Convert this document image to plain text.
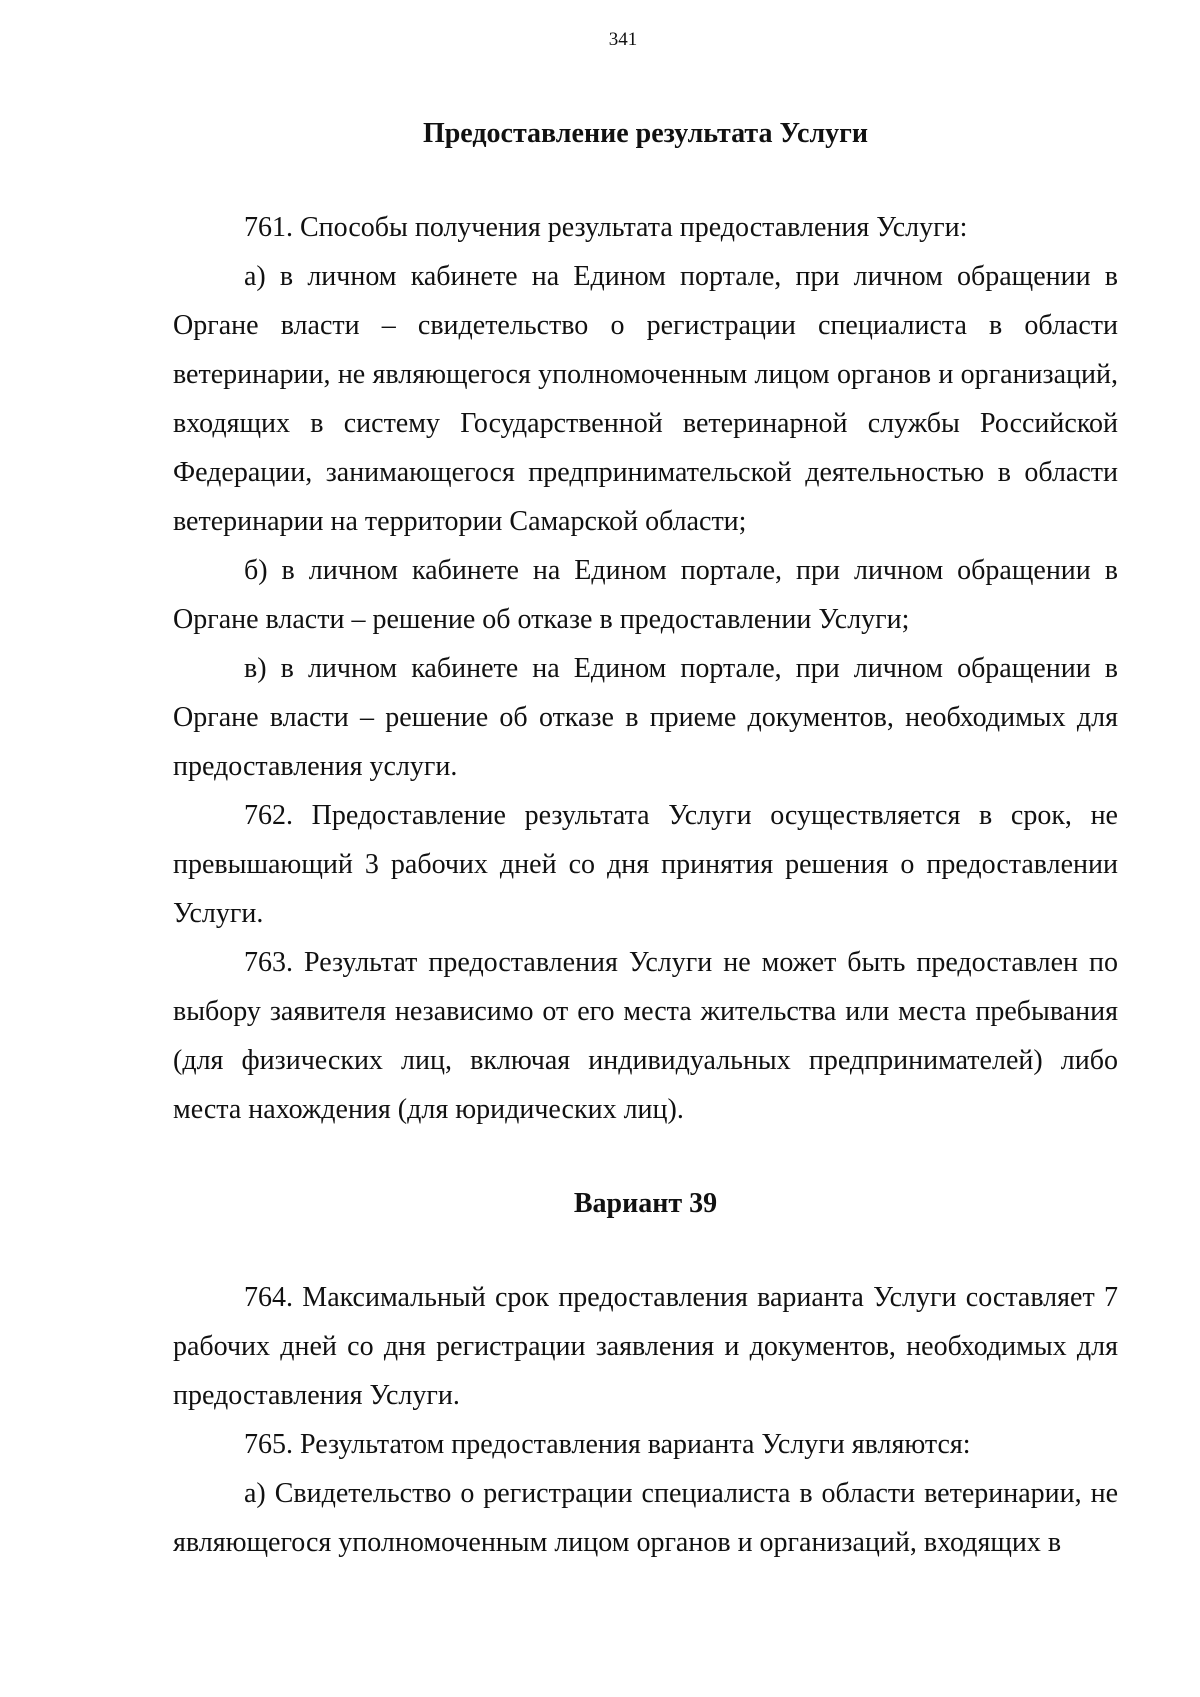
341
Предоставление результата Услуги

761. Способы получения результата предоставления Услуги:

а) в личном кабинете на Едином портале, при личном обращении в Органе власти – свидетельство о регистрации специалиста в области ветеринарии, не являющегося уполномоченным лицом органов и организаций, входящих в систему Государственной ветеринарной службы Российской Федерации, занимающегося предпринимательской деятельностью в области ветеринарии на территории Самарской области;

б) в личном кабинете на Едином портале, при личном обращении в Органе власти – решение об отказе в предоставлении Услуги;

в) в личном кабинете на Едином портале, при личном обращении в Органе власти – решение об отказе в приеме документов, необходимых для предоставления услуги.

762. Предоставление результата Услуги осуществляется в срок, не превышающий 3 рабочих дней со дня принятия решения о предоставлении Услуги.

763. Результат предоставления Услуги не может быть предоставлен по выбору заявителя независимо от его места жительства или места пребывания (для физических лиц, включая индивидуальных предпринимателей) либо места нахождения (для юридических лиц).

Вариант 39

764. Максимальный срок предоставления варианта Услуги составляет 7 рабочих дней со дня регистрации заявления и документов, необходимых для предоставления Услуги.

765. Результатом предоставления варианта Услуги являются:

а) Свидетельство о регистрации специалиста в области ветеринарии, не являющегося уполномоченным лицом органов и организаций, входящих в
